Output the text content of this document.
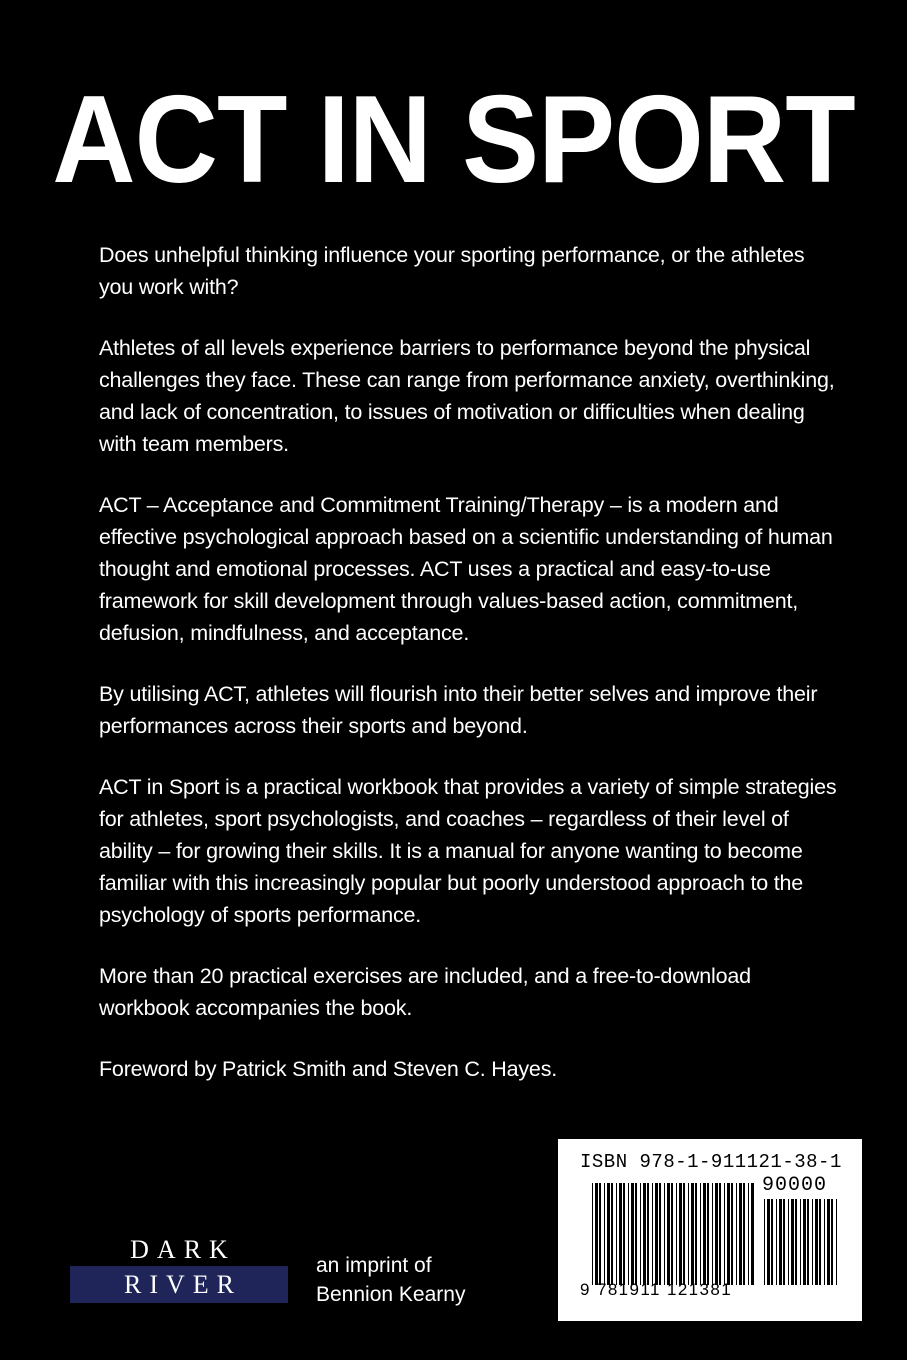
ACT IN SPORT

Does unhelpful thinking influence your sporting performance, or the athletes you work with?

Athletes of all levels experience barriers to performance beyond the physical challenges they face. These can range from performance anxiety, overthinking, and lack of concentration, to issues of motivation or difficulties when dealing with team members.

ACT – Acceptance and Commitment Training/Therapy – is a modern and effective psychological approach based on a scientific understanding of human thought and emotional processes. ACT uses a practical and easy-to-use framework for skill development through values-based action, commitment, defusion, mindfulness, and acceptance.

By utilising ACT, athletes will flourish into their better selves and improve their performances across their sports and beyond.

ACT in Sport is a practical workbook that provides a variety of simple strategies for athletes, sport psychologists, and coaches – regardless of their level of ability – for growing their skills. It is a manual for anyone wanting to become familiar with this increasingly popular but poorly understood approach to the psychology of sports performance.

More than 20 practical exercises are included, and a free-to-download workbook accompanies the book.

Foreword by Patrick Smith and Steven C. Hayes.

DARK
RIVER
an imprint of
Bennion Kearny
ISBN 978-1-911121-38-1
90000
9 781911 121381
